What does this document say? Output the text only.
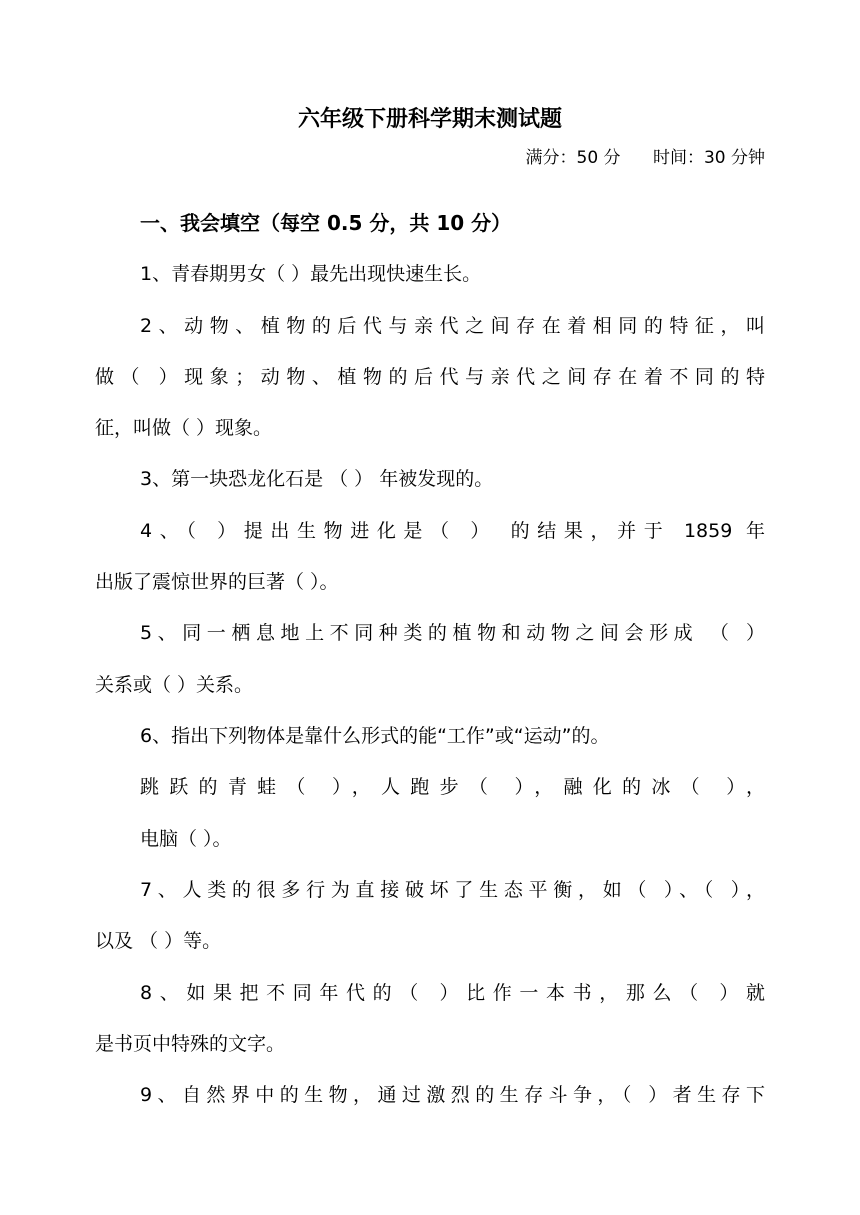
六年级下册科学期末测试题
满分：50 分      时间：30 分钟
一、我会填空（每空 0.5 分，共 10 分）
1、青春期男女（ ）最先出现快速生长。
2、动物、植物的后代与亲代之间存在着相同的特征，叫
做（ ）现象；动物、植物的后代与亲代之间存在着不同的特
征，叫做（ ）现象。
3、第一块恐龙化石是 （ ） 年被发现的。
4、（ ）提出生物进化是（ ） 的结果，并于 1859 年
出版了震惊世界的巨著（ ）。
5、同一栖息地上不同种类的植物和动物之间会形成 （ ）
关系或（ ）关系。
6、指出下列物体是靠什么形式的能“工作”或“运动”的。
跳跃的青蛙（ ），人跑步（ ），融化的冰（ ），
电脑（ ）。
7、人类的很多行为直接破坏了生态平衡，如（ ）、（ ），
以及 （ ）等。
8、如果把不同年代的（ ）比作一本书，那么（ ）就
是书页中特殊的文字。
9、自然界中的生物，通过激烈的生存斗争，（ ）者生存下
